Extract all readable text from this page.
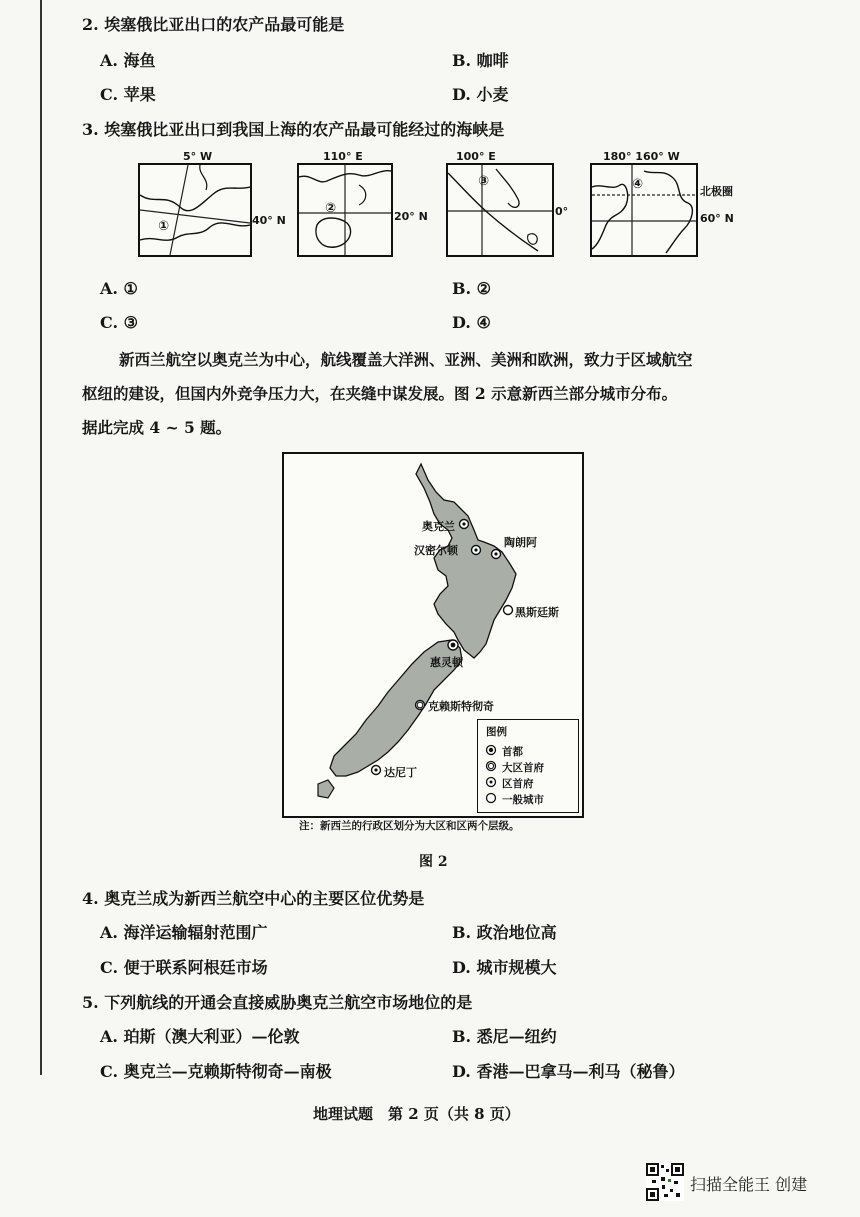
2. 埃塞俄比亚出口的农产品最可能是
A. 海鱼	B. 咖啡
C. 苹果	D. 小麦
3. 埃塞俄比亚出口到我国上海的农产品最可能经过的海峡是
5° W
①	40° N
110° E
②
20° N
100° E
③
0°
180° 160° W
④	北极圈
60° N
A. ①	B. ②
C. ③	D. ④
新西兰航空以奥克兰为中心，航线覆盖大洋洲、亚洲、美洲和欧洲，致力于区域航空
枢纽的建设，但国内外竞争压力大，在夹缝中谋发展。图 2 示意新西兰部分城市分布。
据此完成 4 ~ 5 题。
奥克兰
汉密尔顿
陶朗阿
黑斯廷斯
惠灵顿
克赖斯特彻奇
达尼丁
图例
首都
大区首府
区首府
一般城市
注：新西兰的行政区划分为大区和区两个层级。
图 2
4. 奥克兰成为新西兰航空中心的主要区位优势是
A. 海洋运输辐射范围广	B. 政治地位高
C. 便于联系阿根廷市场	D. 城市规模大
5. 下列航线的开通会直接威胁奥克兰航空市场地位的是
A. 珀斯（澳大利亚）—伦敦	B. 悉尼—纽约
C. 奥克兰—克赖斯特彻奇—南极	D. 香港—巴拿马—利马（秘鲁）
地理试题　第 2 页（共 8 页）
扫描全能王 创建
